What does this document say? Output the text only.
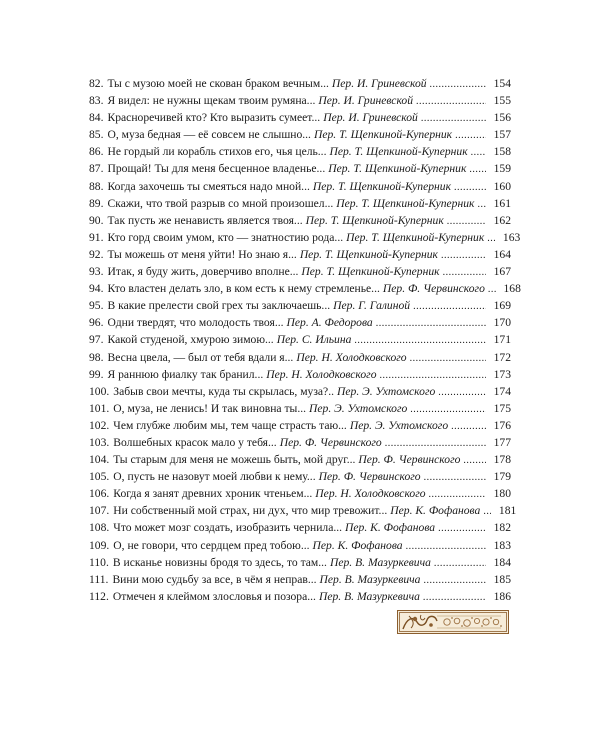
82. Ты с музою моей не скован браком вечным... Пер. И. Гриневской . . .	154
83. Я видел: не нужны щекам твоим румяна... Пер. И. Гриневской . . .	155
84. Красноречивей кто? Кто выразить сумеет... Пер. И. Гриневской . . .	156
85. О, муза бедная — её совсем не слышно... Пер. Т. Щепкиной-Куперник . . .	157
86. Не гордый ли корабль стихов его, чья цель... Пер. Т. Щепкиной-Куперник . . .	158
87. Прощай! Ты для меня бесценное владенье... Пер. Т. Щепкиной-Куперник . . .	159
88. Когда захочешь ты смеяться надо мной... Пер. Т. Щепкиной-Куперник . . .	160
89. Скажи, что твой разрыв со мной произошел... Пер. Т. Щепкиной-Куперник . . .	161
90. Так пусть же ненависть является твоя... Пер. Т. Щепкиной-Куперник . . .	162
91. Кто горд своим умом, кто — знатностию рода... Пер. Т. Щепкиной-Куперник . . .	163
92. Ты можешь от меня уйти! Но знаю я... Пер. Т. Щепкиной-Куперник . . .	164
93. Итак, я буду жить, доверчиво вполне... Пер. Т. Щепкиной-Куперник . . .	167
94. Кто властен делать зло, в ком есть к нему стремленье... Пер. Ф. Червинского . . .	168
95. В какие прелести свой грех ты заключаешь... Пер. Г. Галиной . . .	169
96. Одни твердят, что молодость твоя... Пер. А. Федорова . . .	170
97. Какой студеной, хмурою зимою... Пер. С. Ильина . . .	171
98. Весна цвела, — был от тебя вдали я... Пер. Н. Холодковского . . .	172
99. Я раннюю фиалку так бранил... Пер. Н. Холодковского . . .	173
100. Забыв свои мечты, куда ты скрылась, муза?.. Пер. Э. Ухтомского . . .	174
101. О, муза, не ленись! И так виновна ты... Пер. Э. Ухтомского . . .	175
102. Чем глубже любим мы, тем чаще страсть таю... Пер. Э. Ухтомского . . .	176
103. Волшебных красок мало у тебя... Пер. Ф. Червинского . . .	177
104. Ты старым для меня не можешь быть, мой друг... Пер. Ф. Червинского . . .	178
105. О, пусть не назовут моей любви к нему... Пер. Ф. Червинского . . .	179
106. Когда я занят древних хроник чтеньем... Пер. Н. Холодковского . . .	180
107. Ни собственный мой страх, ни дух, что мир тревожит... Пер. К. Фофанова . . .	181
108. Что может мозг создать, изобразить чернила... Пер. К. Фофанова . . .	182
109. О, не говори, что сердцем пред тобою... Пер. К. Фофанова . . .	183
110. В исканье новизны бродя то здесь, то там... Пер. В. Мазуркевича . . .	184
111. Вини мою судьбу за все, в чём я неправ... Пер. В. Мазуркевича . . .	185
112. Отмечен я клеймом злословья и позора... Пер. В. Мазуркевича . . .	186
